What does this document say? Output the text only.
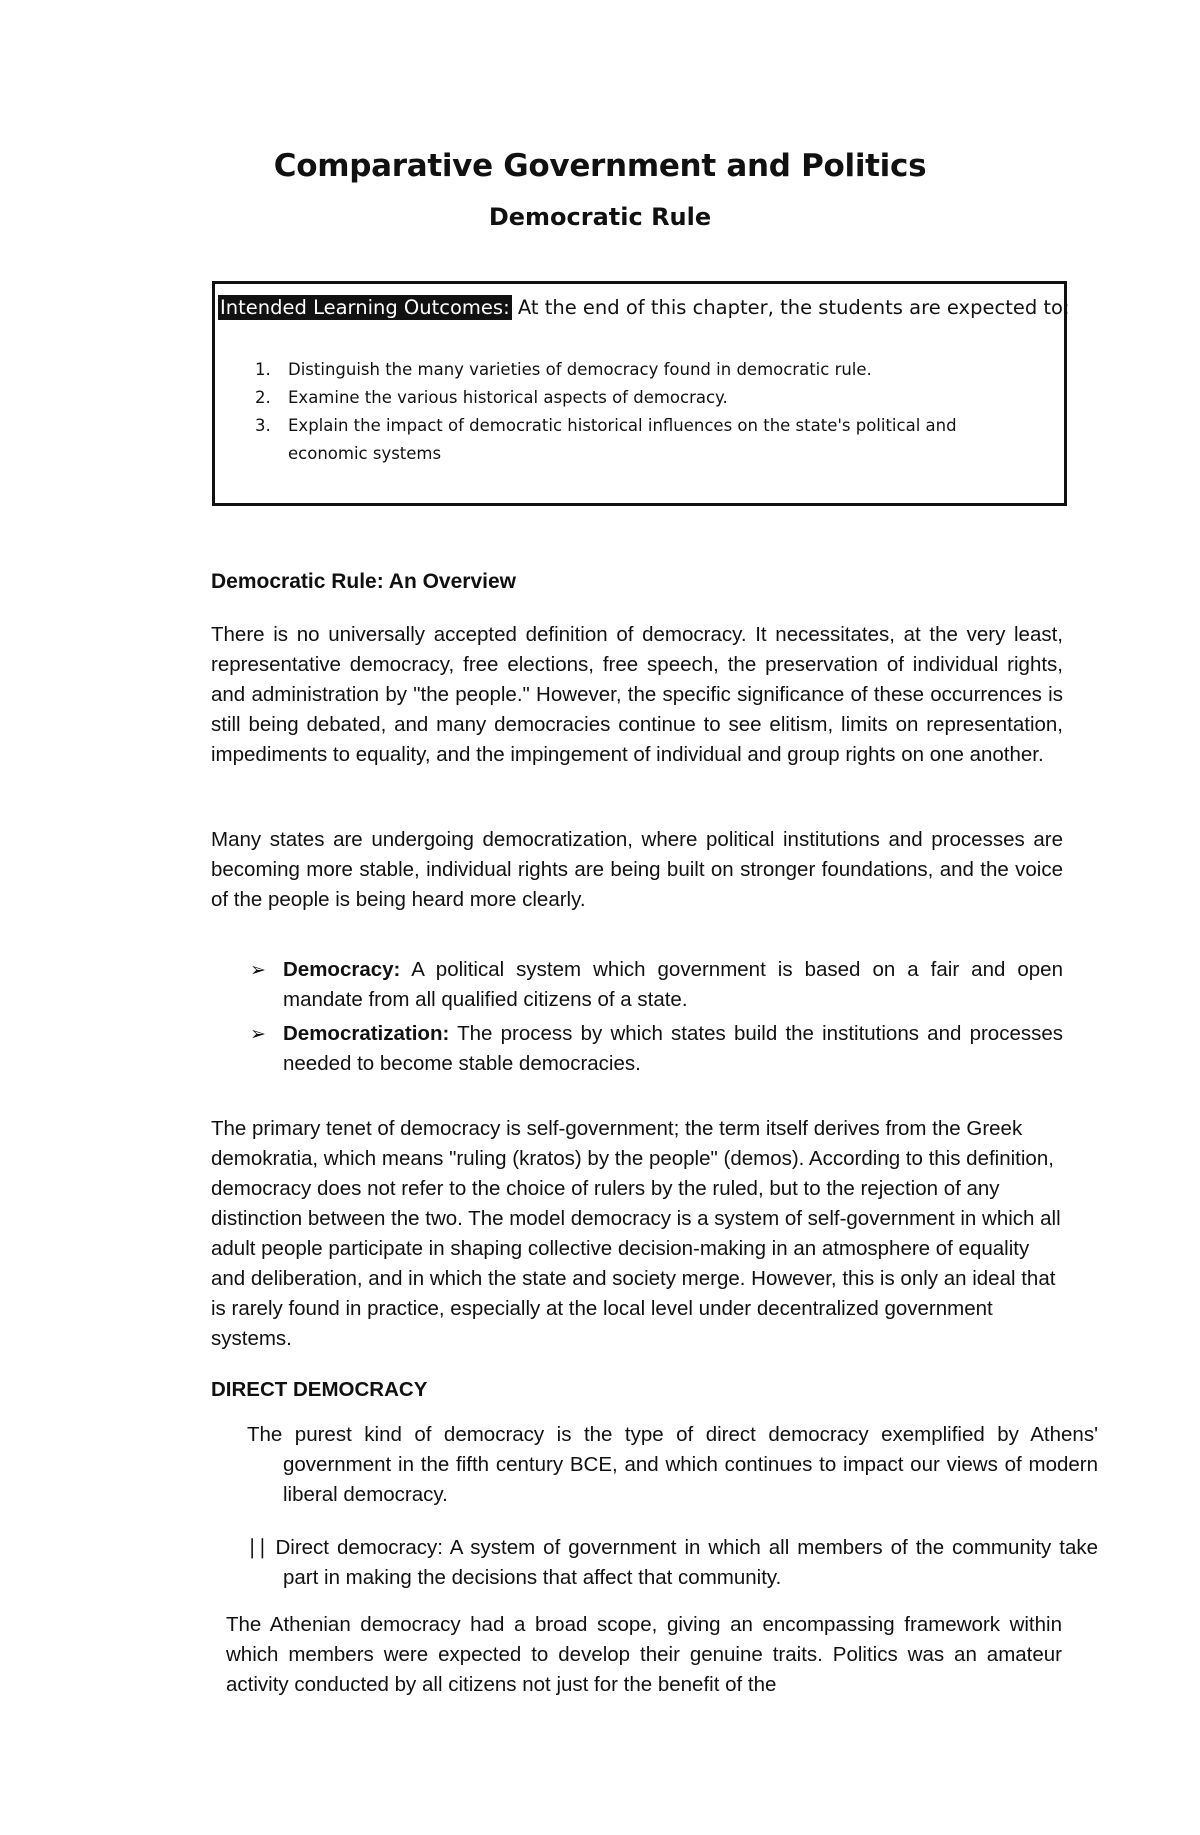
Comparative Government and Politics
Democratic Rule
Intended Learning Outcomes: At the end of this chapter, the students are expected to:
1. Distinguish the many varieties of democracy found in democratic rule.
2. Examine the various historical aspects of democracy.
3. Explain the impact of democratic historical influences on the state's political and economic systems
Democratic Rule: An Overview

There is no universally accepted definition of democracy. It necessitates, at the very least, representative democracy, free elections, free speech, the preservation of individual rights, and administration by "the people." However, the specific significance of these occurrences is still being debated, and many democracies continue to see elitism, limits on representation, impediments to equality, and the impingement of individual and group rights on one another.

Many states are undergoing democratization, where political institutions and processes are becoming more stable, individual rights are being built on stronger foundations, and the voice of the people is being heard more clearly.

➢ Democracy: A political system which government is based on a fair and open mandate from all qualified citizens of a state.
➢ Democratization: The process by which states build the institutions and processes needed to become stable democracies.

The primary tenet of democracy is self-government; the term itself derives from the Greek demokratia, which means "ruling (kratos) by the people" (demos). According to this definition, democracy does not refer to the choice of rulers by the ruled, but to the rejection of any distinction between the two. The model democracy is a system of self-government in which all adult people participate in shaping collective decision-making in an atmosphere of equality and deliberation, and in which the state and society merge. However, this is only an ideal that is rarely found in practice, especially at the local level under decentralized government systems.

DIRECT DEMOCRACY

The purest kind of democracy is the type of direct democracy exemplified by Athens' government in the fifth century BCE, and which continues to impact our views of modern liberal democracy.

∣∣ Direct democracy: A system of government in which all members of the community take part in making the decisions that affect that community.

The Athenian democracy had a broad scope, giving an encompassing framework within which members were expected to develop their genuine traits. Politics was an amateur activity conducted by all citizens not just for the benefit of the
